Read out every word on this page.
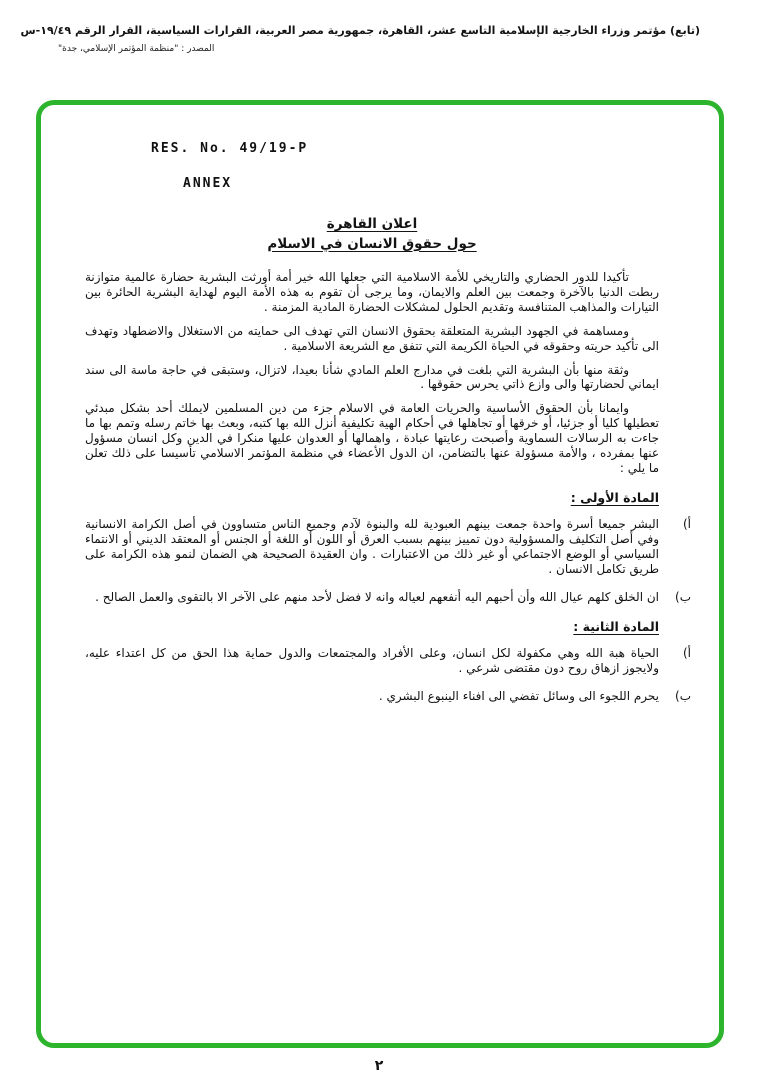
(تابع) مؤتمر وزراء الخارجية الإسلامية التاسع عشر، القاهرة، جمهورية مصر العربية، القرارات السياسية، القرار الرقم ١٩/٤٩-س
المصدر : "منظمة المؤتمر الإسلامي، جدة"
RES. No. 49/19-P
ANNEX
اعلان القاهرة
حول حقوق الانسان في الاسلام

تأكيدا للدور الحضاري والتاريخي للأمة الاسلامية التي جعلها الله خير أمة أورثت البشرية حضارة عالمية متوازنة ربطت الدنيا بالآخرة وجمعت بين العلم والايمان، وما يرجى أن تقوم به هذه الأمة اليوم لهداية البشرية الحائرة بين التيارات والمذاهب المتنافسة وتقديم الحلول لمشكلات الحضارة المادية المزمنة .

ومساهمة في الجهود البشرية المتعلقة بحقوق الانسان التي تهدف الى حمايته من الاستغلال والاضطهاد وتهدف الى تأكيد حريته وحقوقه في الحياة الكريمة التي تتفق مع الشريعة الاسلامية .

وثقة منها بأن البشرية التي بلغت في مدارج العلم المادي شأنا بعيدا، لاتزال، وستبقى في حاجة ماسة الى سند ايماني لحضارتها والى وازع ذاتي يحرس حقوقها .

وايمانا بأن الحقوق الأساسية والحريات العامة في الاسلام جزء من دين المسلمين لايملك أحد بشكل مبدئي تعطيلها كليا أو جزئيا، أو خرقها أو تجاهلها في أحكام الهية تكليفية أنزل الله بها كتبه، وبعث بها خاتم رسله وتمم بها ما جاءت به الرسالات السماوية وأصبحت رعايتها عبادة ، واهمالها أو العدوان عليها منكرا في الدين وكل انسان مسؤول عنها بمفرده ، والأمة مسؤولة عنها بالتضامن، ان الدول الأعضاء في منظمة المؤتمر الاسلامي تأسيسا على ذلك تعلن ما يلي :

المادة الأولى :
أ)

البشر جميعا أسرة واحدة جمعت بينهم العبودية لله والبنوة لآدم وجميع الناس متساوون في أصل الكرامة الانسانية وفي أصل التكليف والمسؤولية دون تمييز بينهم بسبب العرق أو اللون أو اللغة أو الجنس أو المعتقد الديني أو الانتماء السياسي أو الوضع الاجتماعي أو غير ذلك من الاعتبارات . وان العقيدة الصحيحة هي الضمان لنمو هذه الكرامة على طريق تكامل الانسان .

ب)

ان الخلق كلهم عيال الله وأن أحبهم اليه أنفعهم لعياله وانه لا فضل لأحد منهم على الآخر الا بالتقوى والعمل الصالح .

المادة الثانية :
أ)

الحياة هبة الله وهي مكفولة لكل انسان، وعلى الأفراد والمجتمعات والدول حماية هذا الحق من كل اعتداء عليه، ولايجوز ازهاق روح دون مقتضى شرعي .

ب)

يحرم اللجوء الى وسائل تفضي الى افناء الينبوع البشري .

٢
